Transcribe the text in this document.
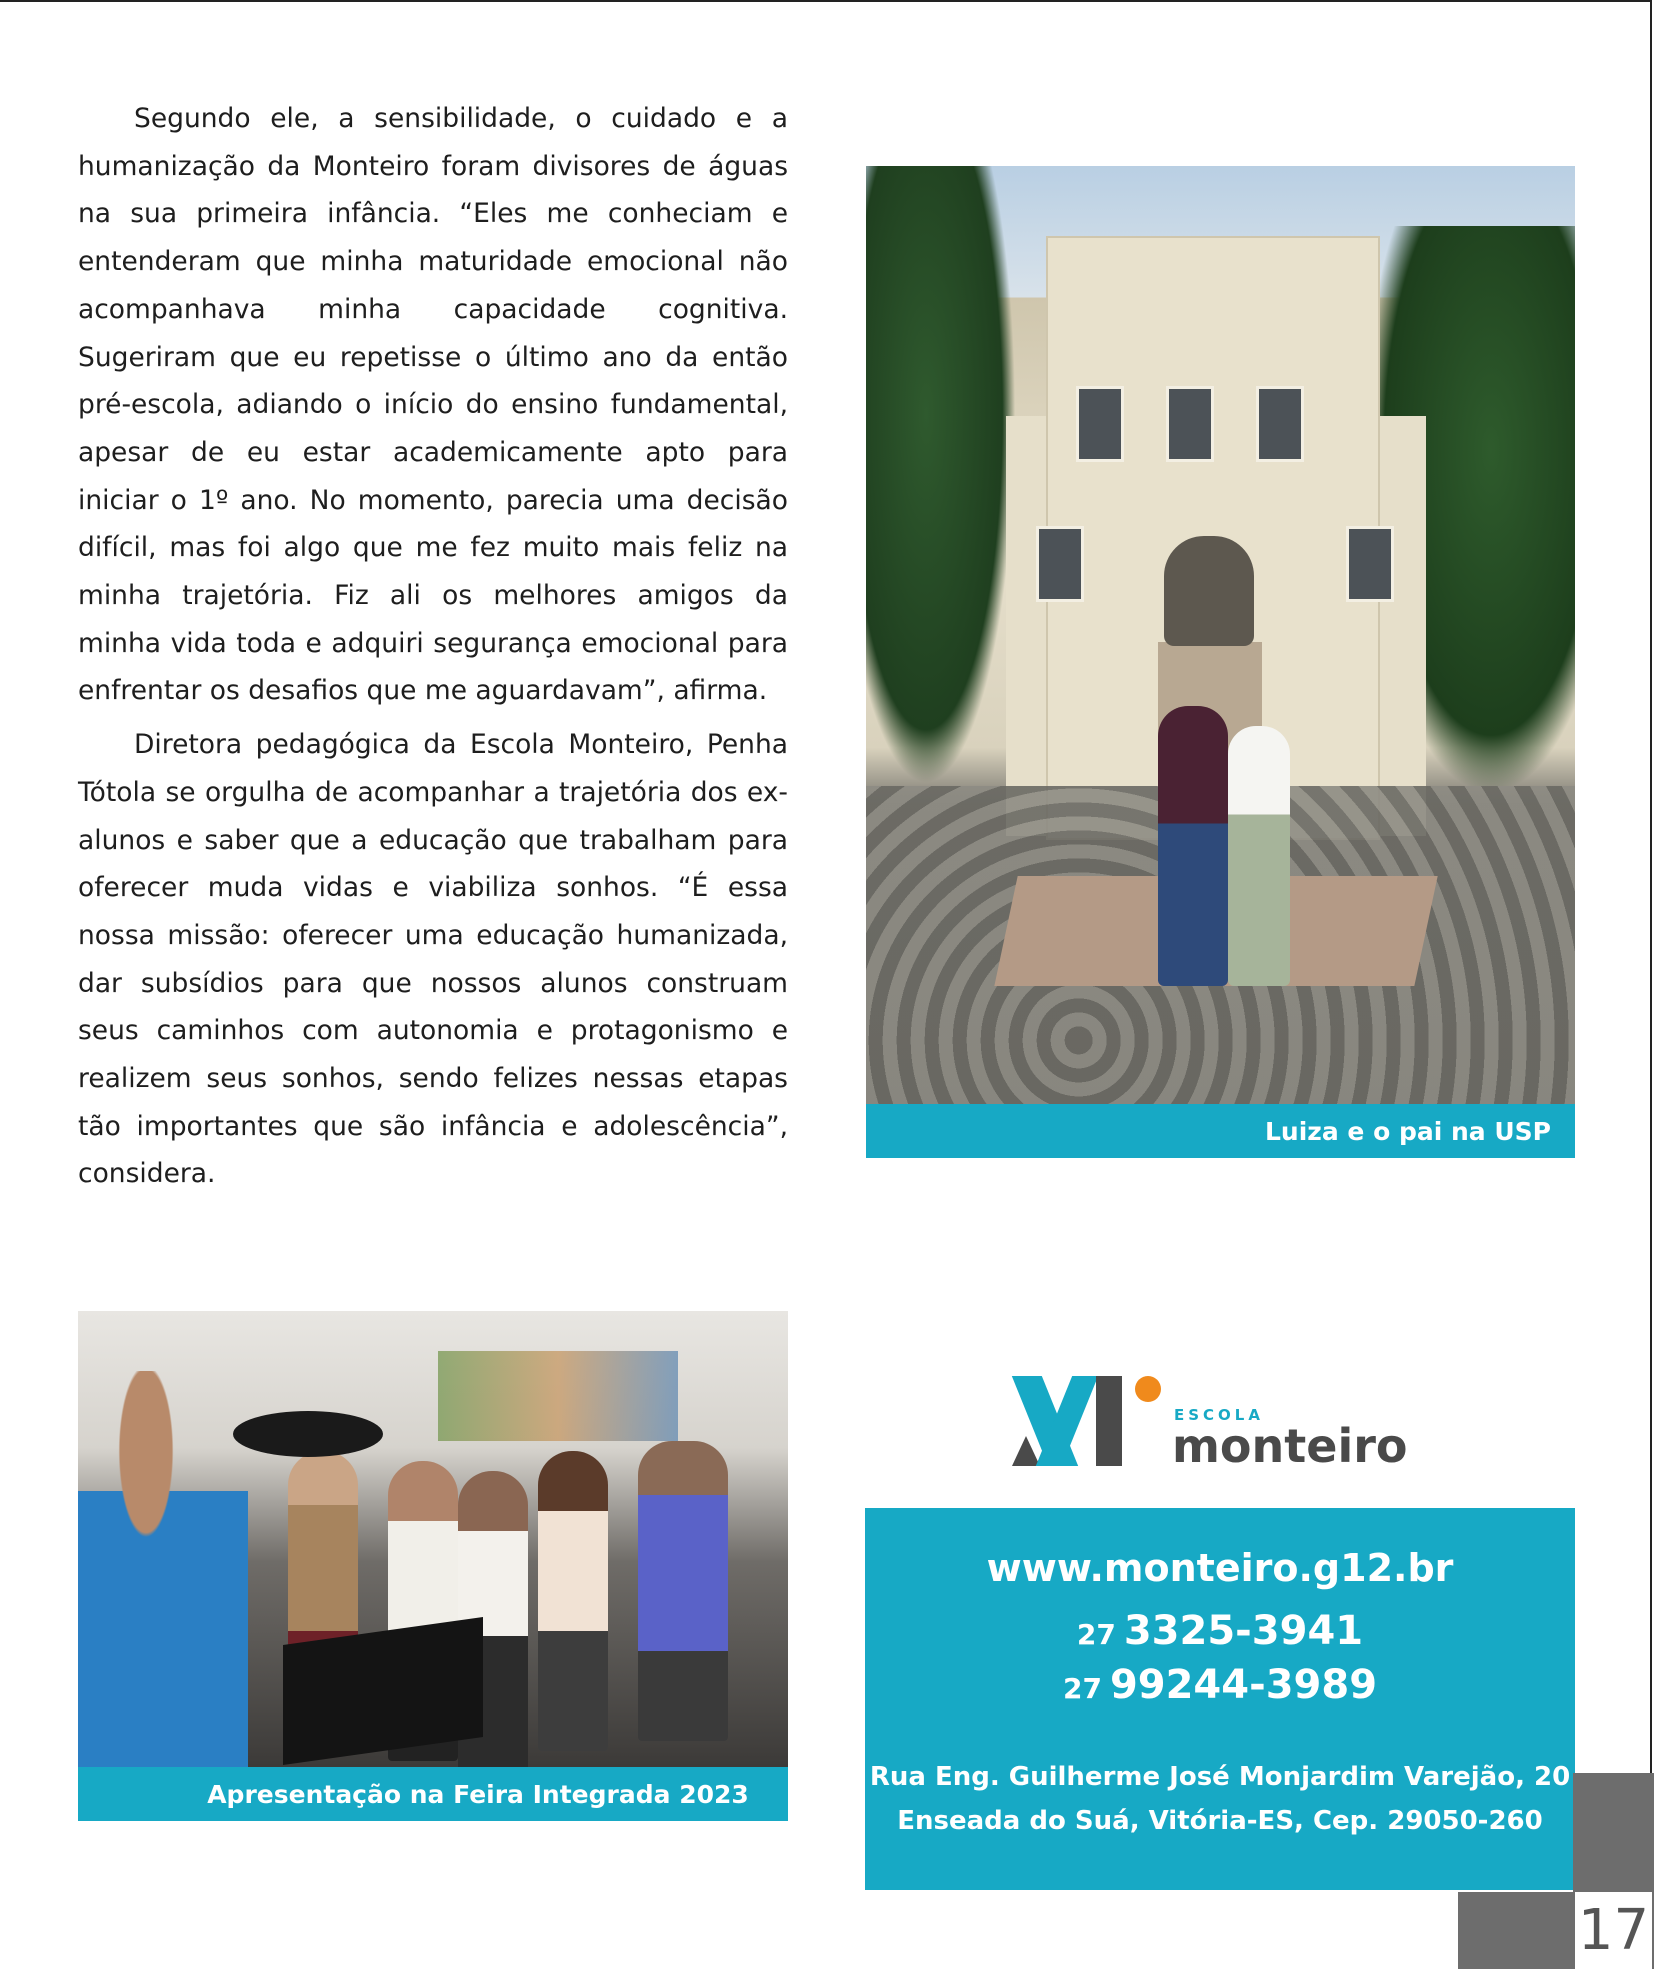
Segundo ele, a sensibilidade, o cuidado e a humanização da Monteiro foram divisores de águas na sua primeira infância. “Eles me conheciam e entenderam que minha maturidade emocional não acompanhava minha capacidade cognitiva. Sugeriram que eu repetisse o último ano da então pré-escola, adiando o início do ensino fundamental, apesar de eu estar academicamente apto para iniciar o 1º ano. No momento, parecia uma decisão difícil, mas foi algo que me fez muito mais feliz na minha trajetória. Fiz ali os melhores amigos da minha vida toda e adquiri segurança emocional para enfrentar os desafios que me aguardavam”, afirma.

Diretora pedagógica da Escola Monteiro, Penha Tótola se orgulha de acompanhar a trajetória dos ex-alunos e saber que a educação que trabalham para oferecer muda vidas e viabiliza sonhos. “É essa nossa missão: oferecer uma educação humanizada, dar subsídios para que nossos alunos construam seus caminhos com autonomia e protagonismo e realizem seus sonhos, sendo felizes nessas etapas tão importantes que são infância e adolescência”, considera.

Luiza e o pai na USP
Apresentação na Feira Integrada 2023
ESCOLA
monteiro
www.monteiro.g12.br
27 3325-3941
27 99244-3989
Rua Eng. Guilherme José Monjardim Varejão, 20
Enseada do Suá, Vitória-ES, Cep. 29050-260
17
